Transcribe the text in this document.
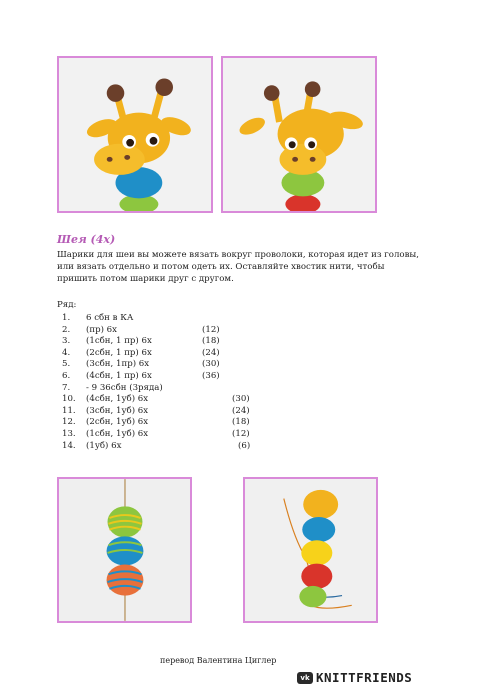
Шея (4x)
Шарики для шеи вы можете вязать вокруг проволоки, которая идет из головы, или вязать отдельно и потом одеть их. Оставляйте хвостик нити, чтобы пришить потом шарики друг с другом.
Ряд:
1. 6 сбн в КА
2. (пр) 6х	(12)
3. (1сбн, 1 пр) 6х	(18)
4. (2сбн, 1 пр) 6х	(24)
5. (3сбн, 1пр) 6х	(30)
6. (4сбн, 1 пр) 6х	(36)
7. - 9 36сбн (3ряда)
10. (4сбн, 1уб) 6х	(30)
11. (3сбн, 1уб) 6х	(24)
12. (2сбн, 1уб) 6х	(18)
13. (1сбн, 1уб) 6х	(12)
14. (1уб) 6х	(6)
перевод Валентина Циглер
vk KNITTFRIENDS
